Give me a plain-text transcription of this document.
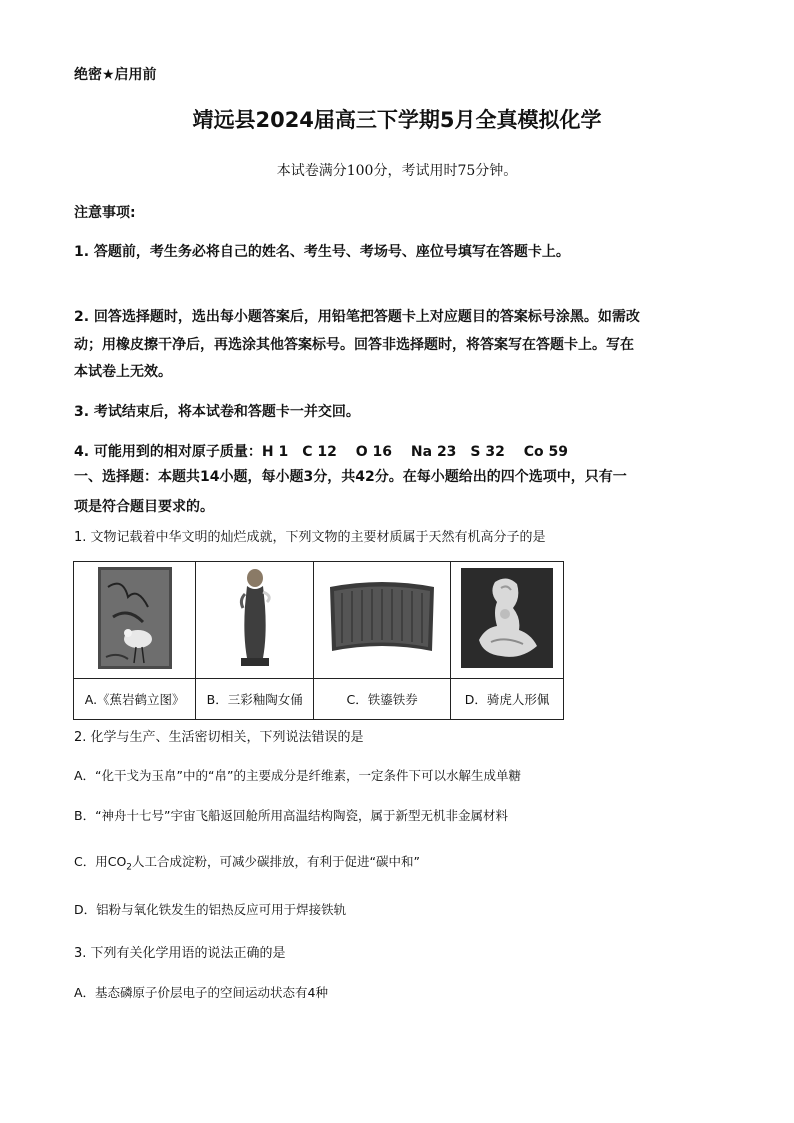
绝密★启用前
靖远县2024届高三下学期5月全真模拟化学
本试卷满分100分，考试用时75分钟。
注意事项:
1. 答题前，考生务必将自己的姓名、考生号、考场号、座位号填写在答题卡上。
2. 回答选择题时，选出每小题答案后，用铅笔把答题卡上对应题目的答案标号涂黑。如需改
动；用橡皮擦干净后，再选涂其他答案标号。回答非选择题时，将答案写在答题卡上。写在
本试卷上无效。
3. 考试结束后，将本试卷和答题卡一并交回。
4. 可能用到的相对原子质量：H 1　C 12　 O 16　 Na 23　S 32　 Co 59
一、选择题：本题共14小题，每小题3分，共42分。在每小题给出的四个选项中，只有一
项是符合题目要求的。
1. 文物记载着中华文明的灿烂成就，下列文物的主要材质属于天然有机高分子的是

A.《蕉岩鹤立图》	B．三彩釉陶女俑	C．铁鎏铁券	D．骑虎人形佩
2. 化学与生产、生活密切相关，下列说法错误的是
A．“化干戈为玉帛”中的“帛”的主要成分是纤维素，一定条件下可以水解生成单糖
B．“神舟十七号”宇宙飞船返回舱所用高温结构陶瓷，属于新型无机非金属材料
C．用$CO_2$人工合成淀粉，可减少碳排放，有利于促进“碳中和”
D．铝粉与氧化铁发生的铝热反应可用于焊接铁轨
3. 下列有关化学用语的说法正确的是
A．基态磷原子价层电子的空间运动状态有4种
